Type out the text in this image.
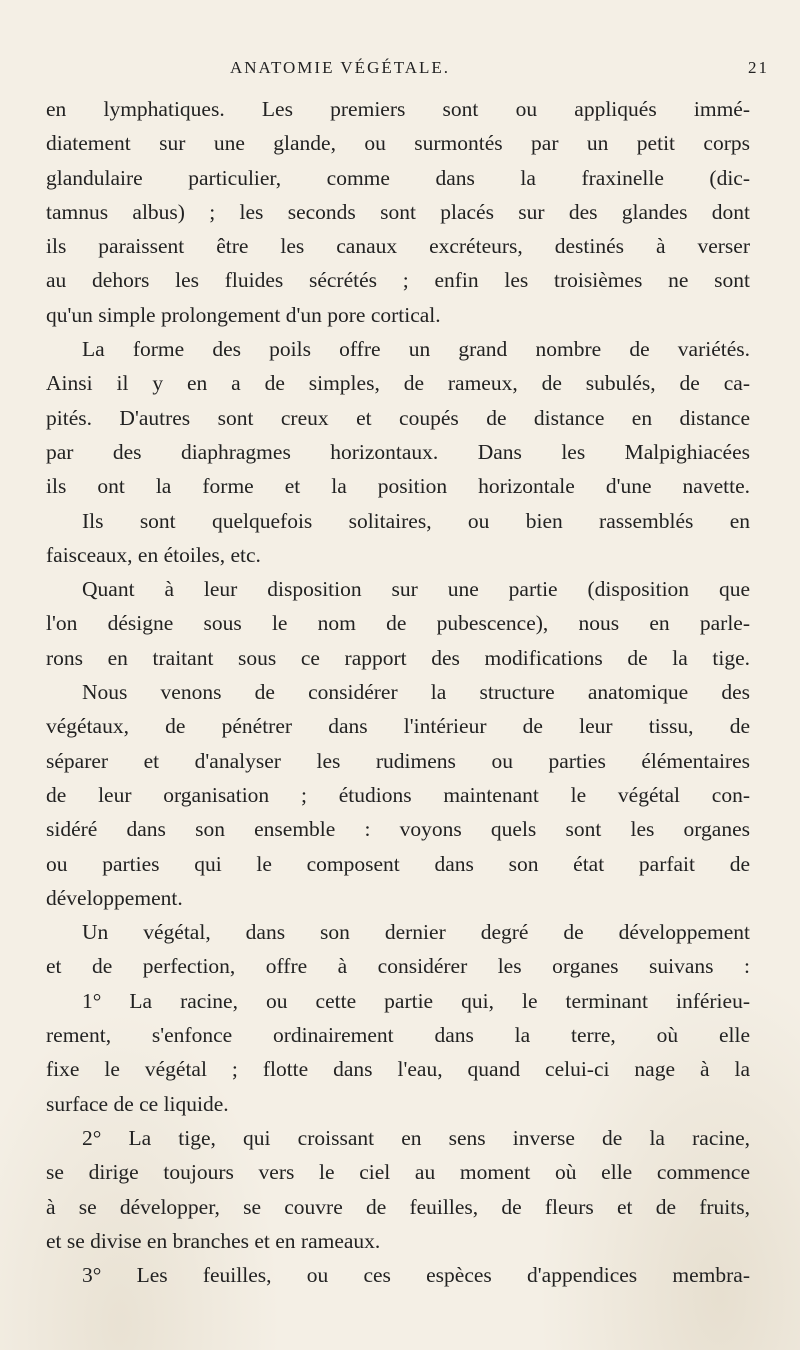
ANATOMIE VÉGÉTALE.	21
en lymphatiques. Les premiers sont ou appliqués immé-
diatement sur une glande, ou surmontés par un petit corps
glandulaire particulier, comme dans la fraxinelle (dic-
tamnus albus) ; les seconds sont placés sur des glandes dont
ils paraissent être les canaux excréteurs, destinés à verser
au dehors les fluides sécrétés ; enfin les troisièmes ne sont
qu'un simple prolongement d'un pore cortical.
La forme des poils offre un grand nombre de variétés.
Ainsi il y en a de simples, de rameux, de subulés, de ca-
pités. D'autres sont creux et coupés de distance en distance
par des diaphragmes horizontaux. Dans les Malpighiacées
ils ont la forme et la position horizontale d'une navette.
Ils sont quelquefois solitaires, ou bien rassemblés en
faisceaux, en étoiles, etc.
Quant à leur disposition sur une partie (disposition que
l'on désigne sous le nom de pubescence), nous en parle-
rons en traitant sous ce rapport des modifications de la tige.
Nous venons de considérer la structure anatomique des
végétaux, de pénétrer dans l'intérieur de leur tissu, de
séparer et d'analyser les rudimens ou parties élémentaires
de leur organisation ; étudions maintenant le végétal con-
sidéré dans son ensemble : voyons quels sont les organes
ou parties qui le composent dans son état parfait de
développement.
Un végétal, dans son dernier degré de développement
et de perfection, offre à considérer les organes suivans :
1° La racine, ou cette partie qui, le terminant inférieu-
rement, s'enfonce ordinairement dans la terre, où elle
fixe le végétal ; flotte dans l'eau, quand celui-ci nage à la
surface de ce liquide.
2° La tige, qui croissant en sens inverse de la racine,
se dirige toujours vers le ciel au moment où elle commence
à se développer, se couvre de feuilles, de fleurs et de fruits,
et se divise en branches et en rameaux.
3° Les feuilles, ou ces espèces d'appendices membra-
